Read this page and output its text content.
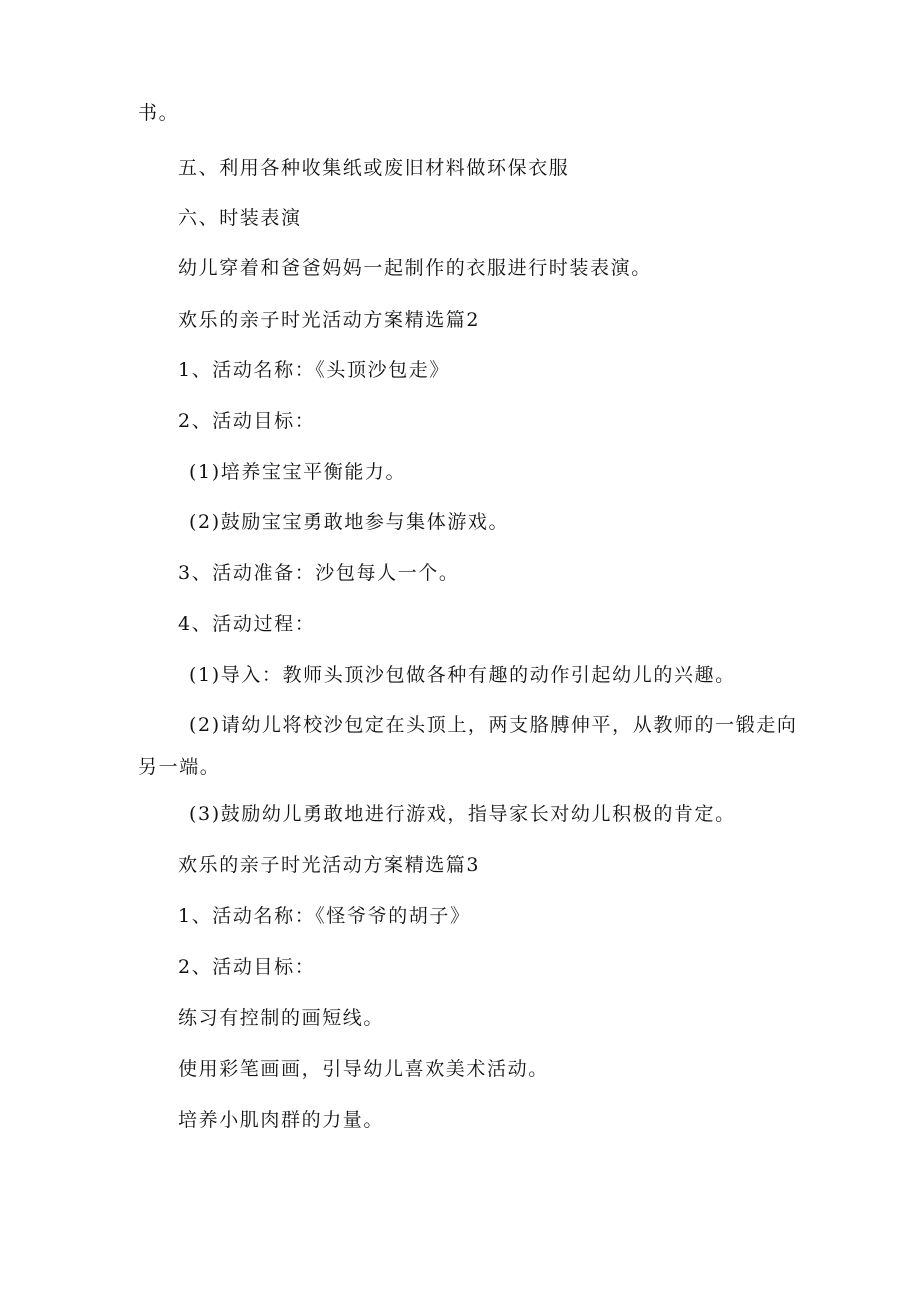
书。
五、利用各种收集纸或废旧材料做环保衣服
六、时装表演
幼儿穿着和爸爸妈妈一起制作的衣服进行时装表演。
欢乐的亲子时光活动方案精选篇2
1、活动名称：《头顶沙包走》
2、活动目标：
(1)培养宝宝平衡能力。
(2)鼓励宝宝勇敢地参与集体游戏。
3、活动准备：沙包每人一个。
4、活动过程：
(1)导入：教师头顶沙包做各种有趣的动作引起幼儿的兴趣。
(2)请幼儿将校沙包定在头顶上，两支胳膊伸平，从教师的一锻走向
另一端。
(3)鼓励幼儿勇敢地进行游戏，指导家长对幼儿积极的肯定。
欢乐的亲子时光活动方案精选篇3
1、活动名称：《怪爷爷的胡子》
2、活动目标：
练习有控制的画短线。
使用彩笔画画，引导幼儿喜欢美术活动。
培养小肌肉群的力量。
